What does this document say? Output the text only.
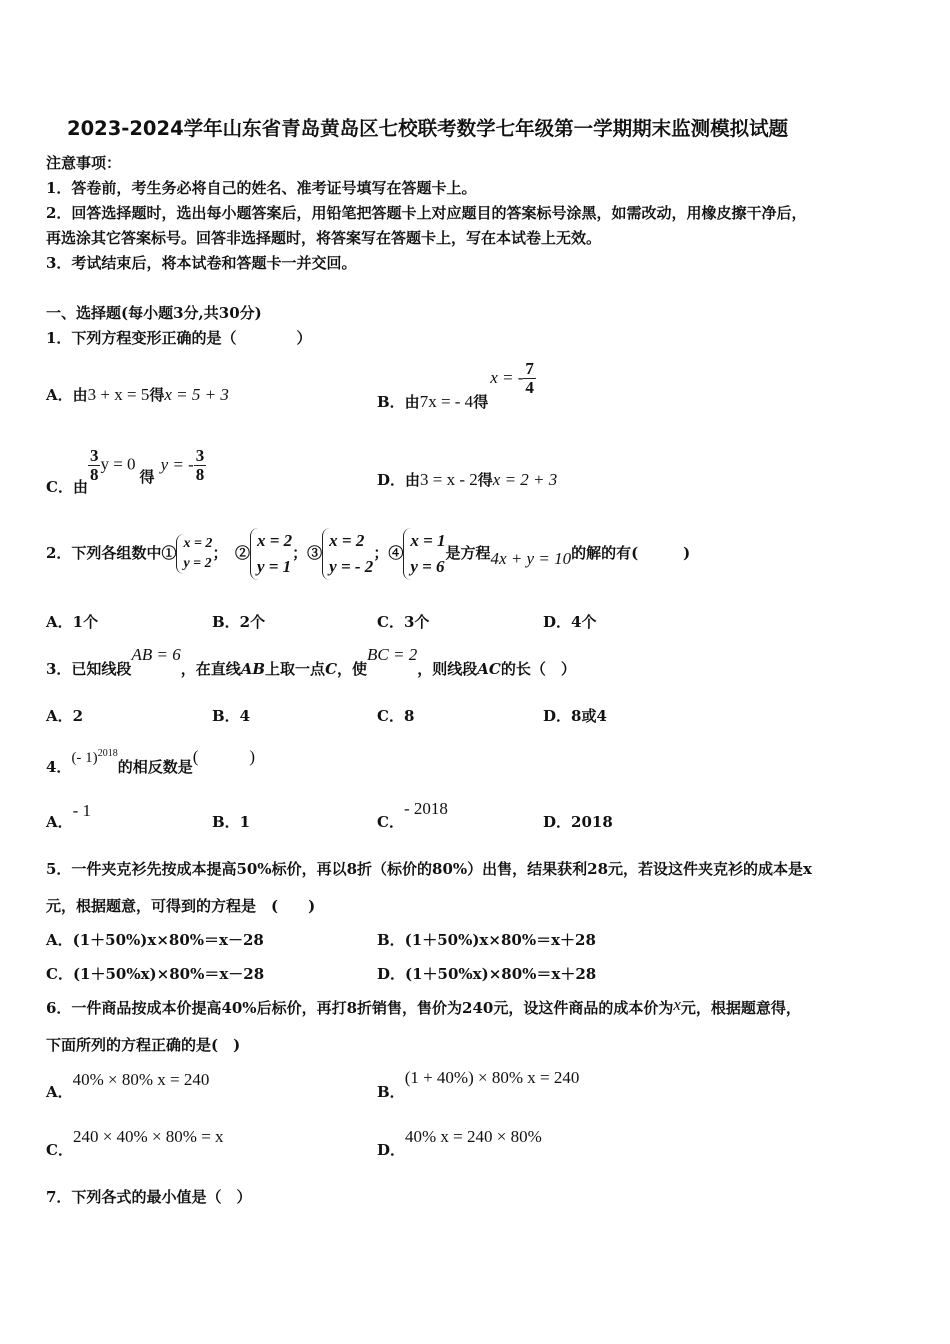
2023-2024学年山东省青岛黄岛区七校联考数学七年级第一学期期末监测模拟试题
注意事项：
1．答卷前，考生务必将自己的姓名、准考证号填写在答题卡上。
2．回答选择题时，选出每小题答案后，用铅笔把答题卡上对应题目的答案标号涂黑，如需改动，用橡皮擦干净后，
再选涂其它答案标号。回答非选择题时，将答案写在答题卡上，写在本试卷上无效。
3．考试结束后，将本试卷和答题卡一并交回。
一、选择题(每小题3分,共30分)
1．下列方程变形正确的是（　　　　）
A．由3 + x = 5得x = 5 + 3	B．由7x = - 4得x = - $\frac{7}{4}$
C．由
$\frac{3}{8}$ y = 0得y = - $\frac{3}{8}$	D．由3 = x - 2得x = 2 + 3
2．下列各组数中①x = 2
y = 2；　②x = 2
y = 1；③x = 2
y = - 2；④x = 1
y = 6是方程4x + y = 10的解的有(　　　)
A．1个	B．2个	C．3个	D．4个
3．已知线段AB = 6，在直线AB上取一点C，使BC = 2，则线段AC的长（　）
A．2	B．4	C．8	D．8或4
4．(- 1)$^{2018}$的相反数是(　　　)
A．- 1
B．1	C．- 2018
D．2018
5．一件夹克衫先按成本提高50%标价，再以8折（标价的80%）出售，结果获利28元，若设这件夹克衫的成本是x
元，根据题意，可得到的方程是　(　　)
A．(1＋50%)x×80%＝x－28	B．(1＋50%)x×80%＝x＋28
C．(1＋50%x)×80%＝x－28	D．(1＋50%x)×80%＝x＋28
6．一件商品按成本价提高40%后标价，再打8折销售，售价为240元，设这件商品的成本价为x元，根据题意得，
下面所列的方程正确的是(　)
A．40% × 80% x = 240
B．(1 + 40%) × 80% x = 240
C．240 × 40% × 80% = x
D．40% x = 240 × 80%
7．下列各式的最小值是（　）
